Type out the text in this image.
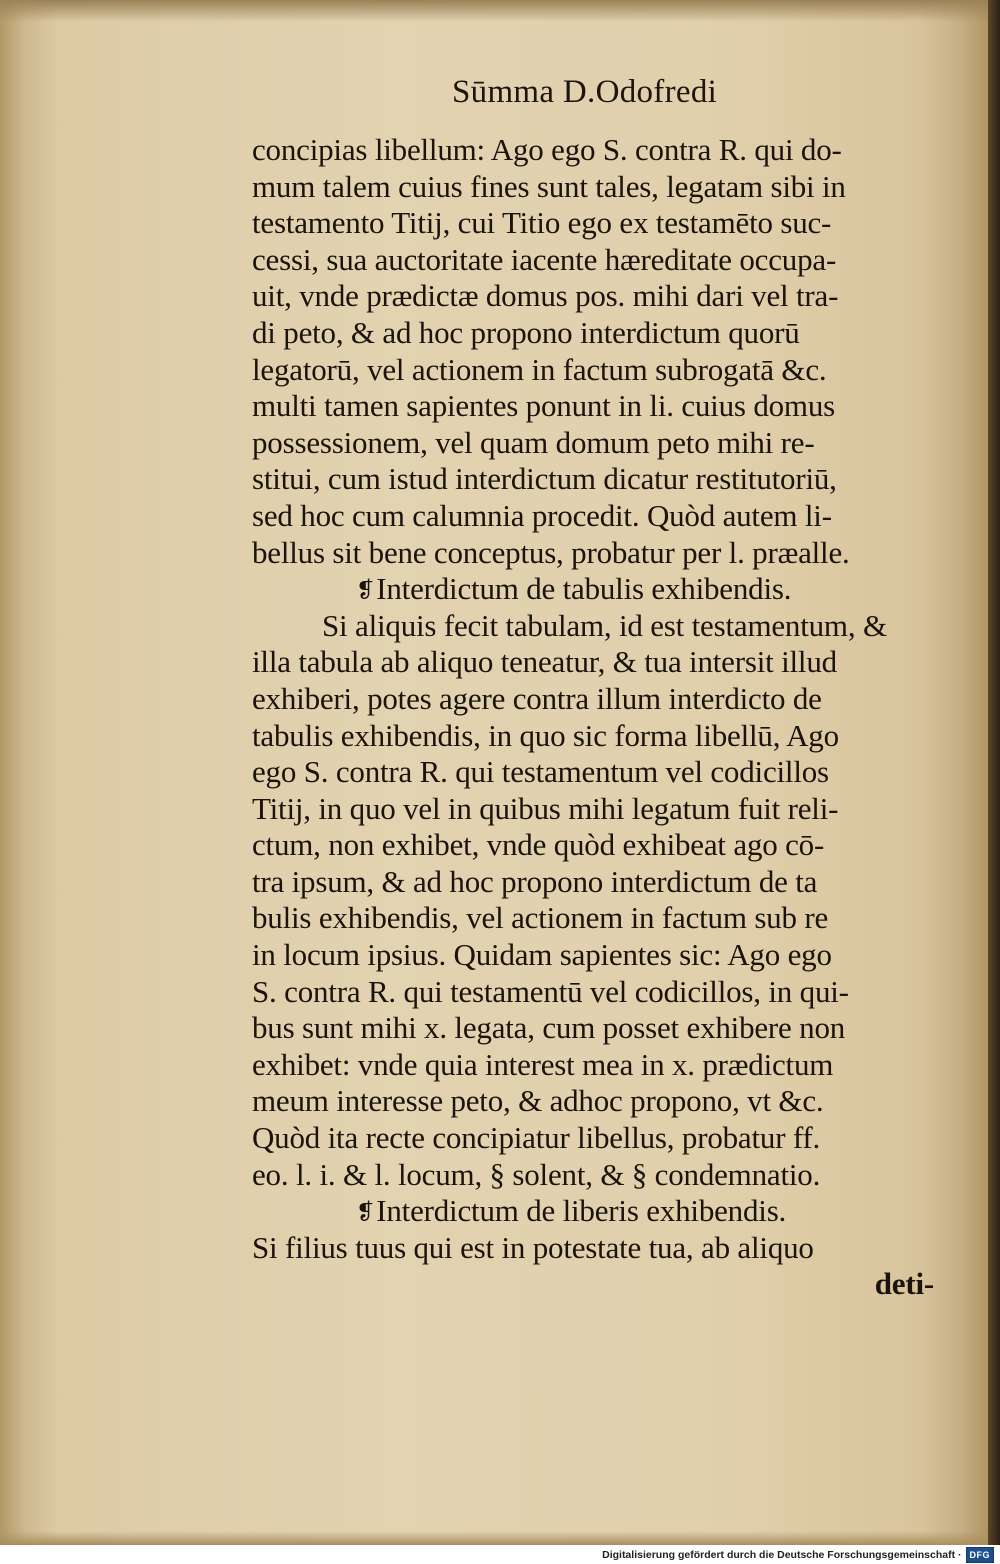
Sūmma D.Odofredi
concipias libellum: Ago ego S. contra R. qui do-
mum talem cuius fines sunt tales, legatam sibi in
testamento Titij, cui Titio ego ex testamēto suc-
cessi, sua auctoritate iacente hæreditate occupa-
uit, vnde prædictæ domus pos. mihi dari vel tra-
di peto, & ad hoc propono interdictum quorū
legatorū, vel actionem in factum subrogatā &c.
multi tamen sapientes ponunt in li. cuius domus
possessionem, vel quam domum peto mihi re-
stitui, cum istud interdictum dicatur restitutoriū,
sed hoc cum calumnia procedit. Quòd autem li-
bellus sit bene conceptus, probatur per l. præalle.
❡Interdictum de tabulis exhibendis.
Si aliquis fecit tabulam, id est testamentum, &
illa tabula ab aliquo teneatur, & tua intersit illud
exhiberi, potes agere contra illum interdicto de
tabulis exhibendis, in quo sic forma libellū, Ago
ego S. contra R. qui testamentum vel codicillos
Titij, in quo vel in quibus mihi legatum fuit reli-
ctum, non exhibet, vnde quòd exhibeat ago cō-
tra ipsum, & ad hoc propono interdictum de ta
bulis exhibendis, vel actionem in factum sub re
in locum ipsius. Quidam sapientes sic: Ago ego
S. contra R. qui testamentū vel codicillos, in qui-
bus sunt mihi x. legata, cum posset exhibere non
exhibet: vnde quia interest mea in x. prædictum
meum interesse peto, & adhoc propono, vt &c.
Quòd ita recte concipiatur libellus, probatur ff.
eo. l. i. & l. locum, § solent, & § condemnatio.
❡Interdictum de liberis exhibendis.
Si filius tuus qui est in potestate tua, ab aliquo
deti-
Digitalisierung gefördert durch die Deutsche Forschungsgemeinschaft · DFG
